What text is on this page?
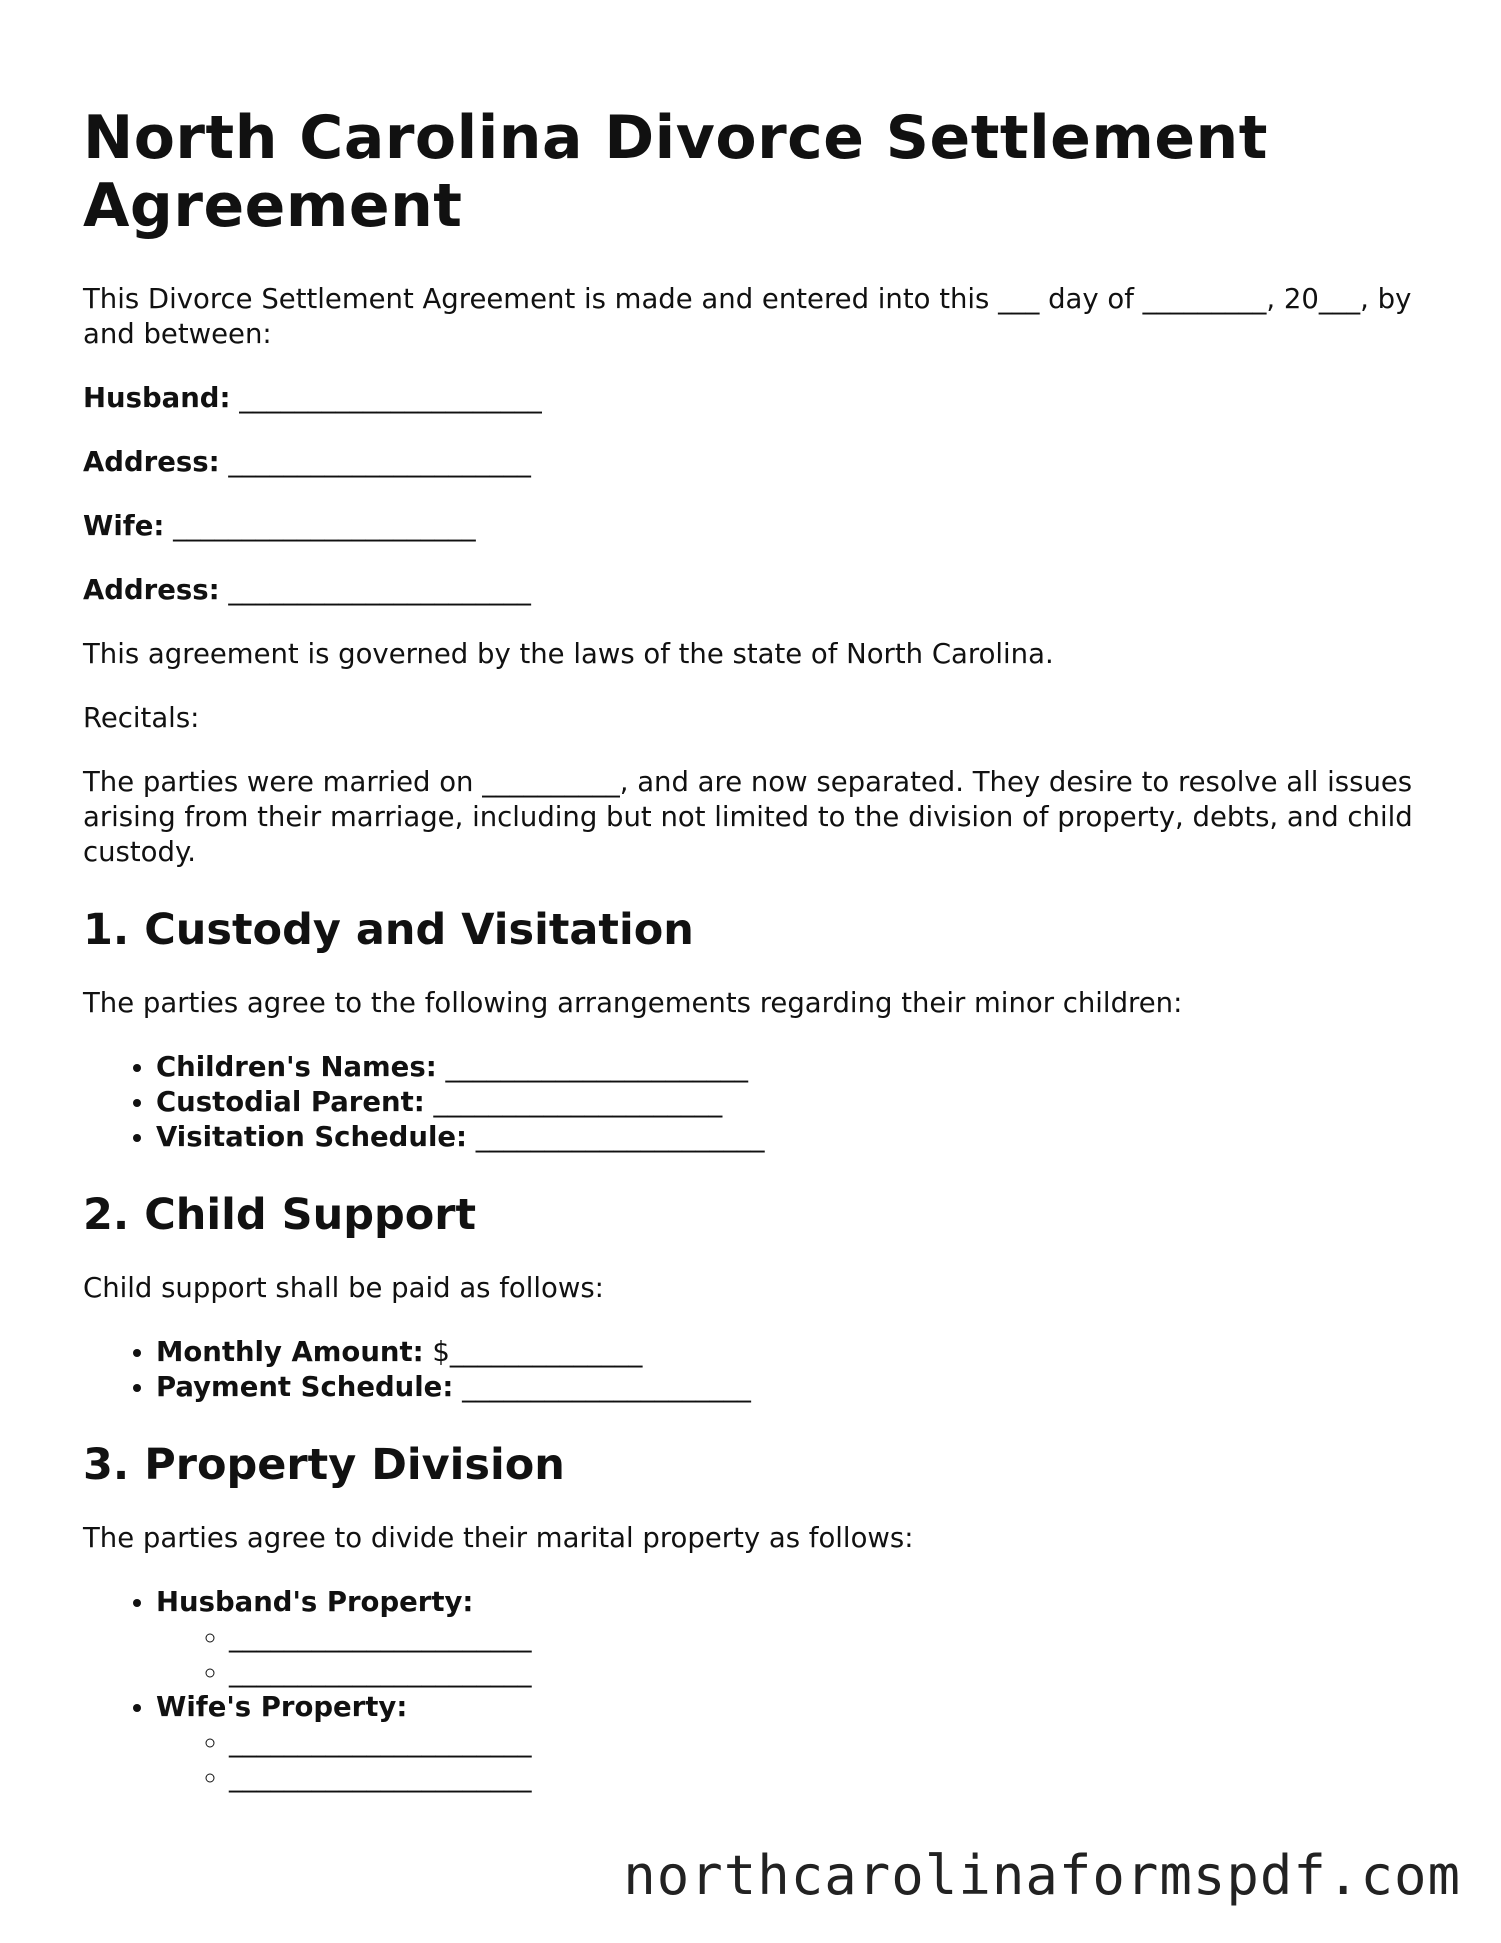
North Carolina Divorce Settlement Agreement

This Divorce Settlement Agreement is made and entered into this ___ day of _________, 20___, by and between:

Husband: ______________________

Address: ______________________

Wife: ______________________

Address: ______________________

This agreement is governed by the laws of the state of North Carolina.

Recitals:

The parties were married on __________, and are now separated. They desire to resolve all issues arising from their marriage, including but not limited to the division of property, debts, and child custody.

1. Custody and Visitation

The parties agree to the following arrangements regarding their minor children:

• Children's Names: ______________________
• Custodial Parent: _____________________
• Visitation Schedule: _____________________
2. Child Support

Child support shall be paid as follows:

• Monthly Amount: $______________
• Payment Schedule: _____________________
3. Property Division

The parties agree to divide their marital property as follows:

• Husband's Property:
◦ ______________________
◦ ______________________
• Wife's Property:
◦ ______________________
◦ ______________________
northcarolinaformspdf.com
